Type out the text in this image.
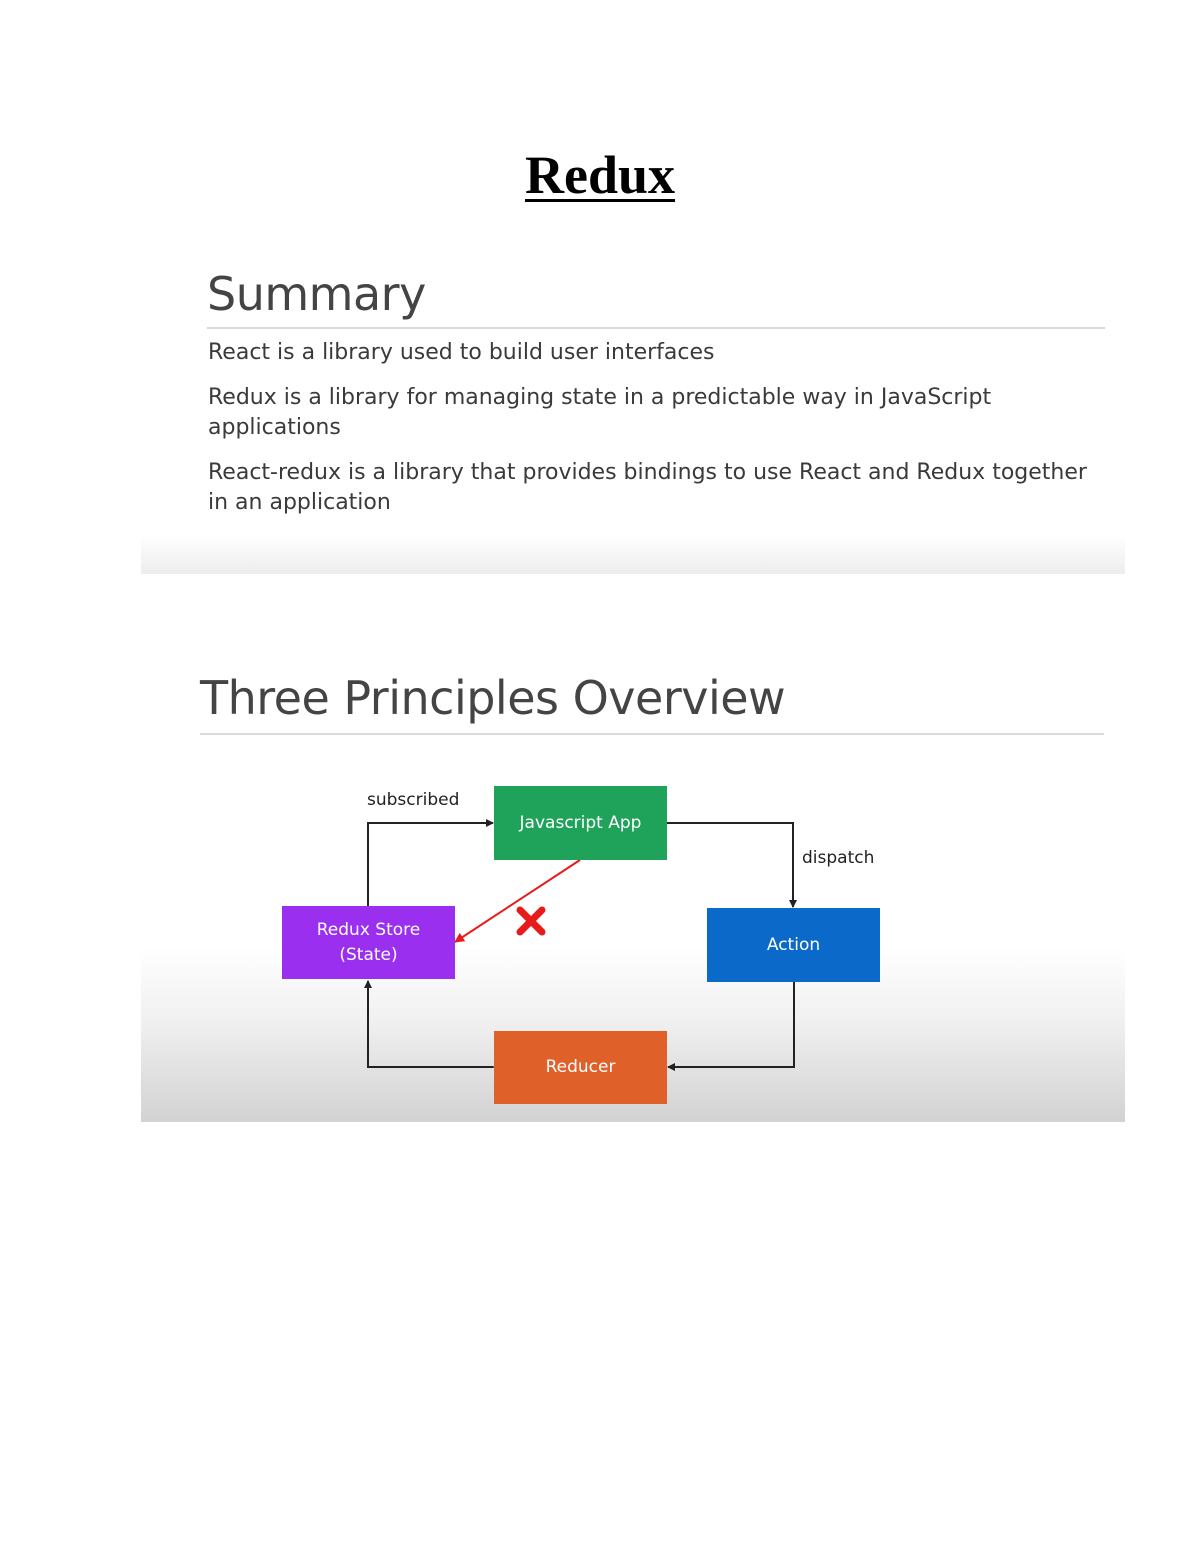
Redux
Summary

React is a library used to build user interfaces

Redux is a library for managing state in a predictable way in JavaScript applications

React-redux is a library that provides bindings to use React and Redux together in an application

Three Principles Overview
Javascript App
Redux Store
(State)	Action
Reducer
subscribed
dispatch
